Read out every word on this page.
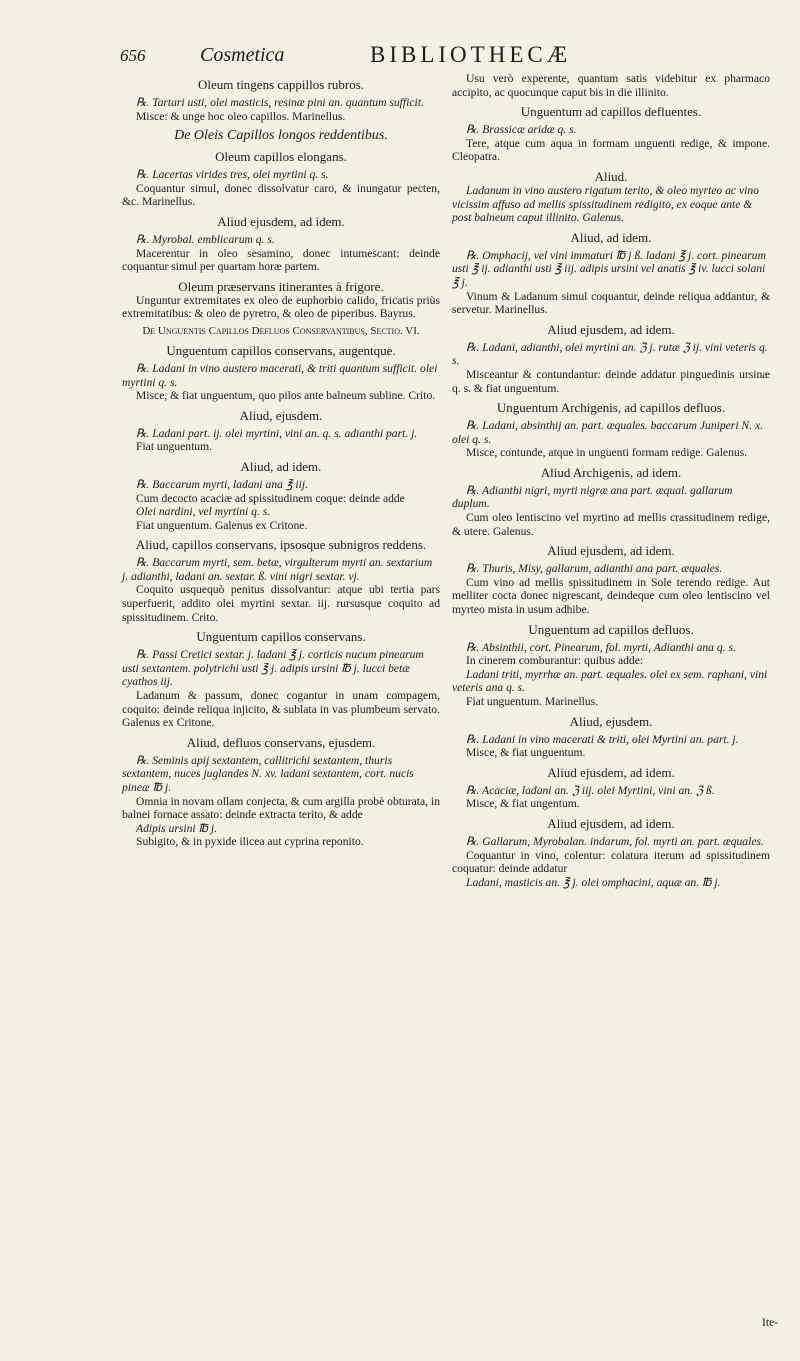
656	Cosmetica	BIBLIOTHECÆ
Oleum tingens cappillos rubros.
℞. Tartari usti, olei masticis, resinæ pini an. quantum sufficit.
Misce: & unge hoc oleo capillos. Marinellus.
De Oleis Capillos longos reddentibus.
Oleum capillos elongans.
℞. Lacertas virides tres, olei myrtini q. s.
Coquantur simul, donec dissolvatur caro, & inungatur pecten, &c. Marinellus.
Aliud ejusdem, ad idem.
℞. Myrobal. emblicarum q. s.
Macerentur in oleo sesamino, donec intumescant: deinde coquantur simul per quartam horæ partem.
Oleum præservans itinerantes à frigore.
Unguntur extremitates ex oleo de euphorbio calido, fricatis priùs extremitatibus: & oleo de pyretro, & oleo de piperibus. Bayrus.
De Unguentis Capillos Defluos Conservantibus, Sectio. VI.
Unguentum capillos conservans, augentque.
℞. Ladani in vino austero macerati, & triti quantum sufficit. olei myrtini q. s.
Misce, & fiat unguentum, quo pilos ante balneum subline. Crito.
Aliud, ejusdem.
℞. Ladani part. ij. olei myrtini, vini an. q. s. adianthi part. j.
Fiat unguentum.
Aliud, ad idem.
℞. Baccarum myrti, ladani ana ℥ iij.
Cum decocto acaciæ ad spissitudinem coque: deinde adde
Olei nardini, vel myrtini q. s.
Fiat unguentum. Galenus ex Critone.
Aliud, capillos conservans, ipsosque subnigros reddens.
℞. Baccarum myrti, sem. betæ, virgulterum myrti an. sextarium j. adianthi, ladani an. sextar. ß. vini nigri sextar. vj.
Coquito usquequò penitus dissolvantur: atque ubi tertia pars superfuerit, addito olei myrtini sextar. iij. rursusque coquito ad spissitudinem. Crito.
Unguentum capillos conservans.
℞. Passi Cretici sextar. j. ladani ℥ j. corticis nucum pinearum usti sextantem. polytrichi usti ℥ j. adipis ursini ℔ j. lucci betæ cyathos iij.
Ladanum & passum, donec cogantur in unam compagem, coquito: deinde reliqua injicito, & sublata in vas plumbeum servato. Galenus ex Critone.
Aliud, defluos conservans, ejusdem.
℞. Seminis apij sextantem, callitrichi sextantem, thuris sextantem, nuces juglandes N. xv. ladani sextantem, cort. nucis pineæ ℔ j.
Omnia in novam ollam conjecta, & cum argilla probè obturata, in balnei fornace assato: deinde extracta terito, & adde
Adipis ursini ℔ j.
Subigito, & in pyxide ilicea aut cyprina reponito.
Usu verò experente, quantum satis videbitur ex pharmaco accipito, ac quocunque caput bis in die illinito.
Unguentum ad capillos defluentes.
℞. Brassicæ aridæ q. s.
Tere, atque cum aqua in formam unguenti redige, & impone. Cleopatra.
Aliud.
Ladanum in vino austero rigatum terito, & oleo myrteo ac vino vicissim affuso ad mellis spissitudinem redigito, ex eoque ante & post balneum caput illinito. Galenus.
Aliud, ad idem.
℞. Omphacij, vel vini immaturi ℔ j ß. ladani ℥ j. cort. pinearum usti ℥ ij. adianthi usti ℥ iij. adipis ursini vel anatis ℥ iv. lucci solani ℥ j.
Vinum & Ladanum simul coquantur, deinde reliqua addantur, & servetur. Marinellus.
Aliud ejusdem, ad idem.
℞. Ladani, adianthi, olei myrtini an. ℨ j. rutæ ℨ ij. vini veteris q. s.
Misceantur & contundantur: deinde addatur pinguedinis ursinæ q. s. & fiat unguentum.
Unguentum Archigenis, ad capillos defluos.
℞. Ladani, absinthij an. part. æquales. baccarum Juniperi N. x. olei q. s.
Misce, contunde, atque in unguenti formam redige. Galenus.
Aliud Archigenis, ad idem.
℞. Adianthi nigri, myrti nigræ ana part. æqual. gallarum duplum.
Cum oleo lentiscino vel myrtino ad mellis crassitudinem redige, & utere. Galenus.
Aliud ejusdem, ad idem.
℞. Thuris, Misy, gallarum, adianthi ana part. æquales.
Cum vino ad mellis spissitudinem in Sole terendo redige. Aut melliter cocta donec nigrescant, deindeque cum oleo lentiscino vel myrteo mista in usum adhibe.
Unguentum ad capillos defluos.
℞. Absinthii, cort. Pinearum, fol. myrti, Adianthi ana q. s.
In cinerem comburantur: quibus adde:
Ladani triti, myrrhæ an. part. æquales. olei ex sem. raphani, vini veteris ana q. s.
Fiat unguentum. Marinellus.
Aliud, ejusdem.
℞. Ladani in vino macerati & triti, olei Myrtini an. part. j.
Misce, & fiat unguentum.
Aliud ejusdem, ad idem.
℞. Acaciæ, ladani an. ℨ iij. olei Myrtini, vini an. ℨ ß.
Misce, & fiat ungentum.
Aliud ejusdem, ad idem.
℞. Gallarum, Myrobalan. indarum, fol. myrti an. part. æquales.
Coquantur in vino, colentur: colatura iterum ad spissitudinem coquatur: deinde addatur
Ladani, masticis an. ℥ j. olei omphacini, aquæ an. ℔ j.
Ite-
